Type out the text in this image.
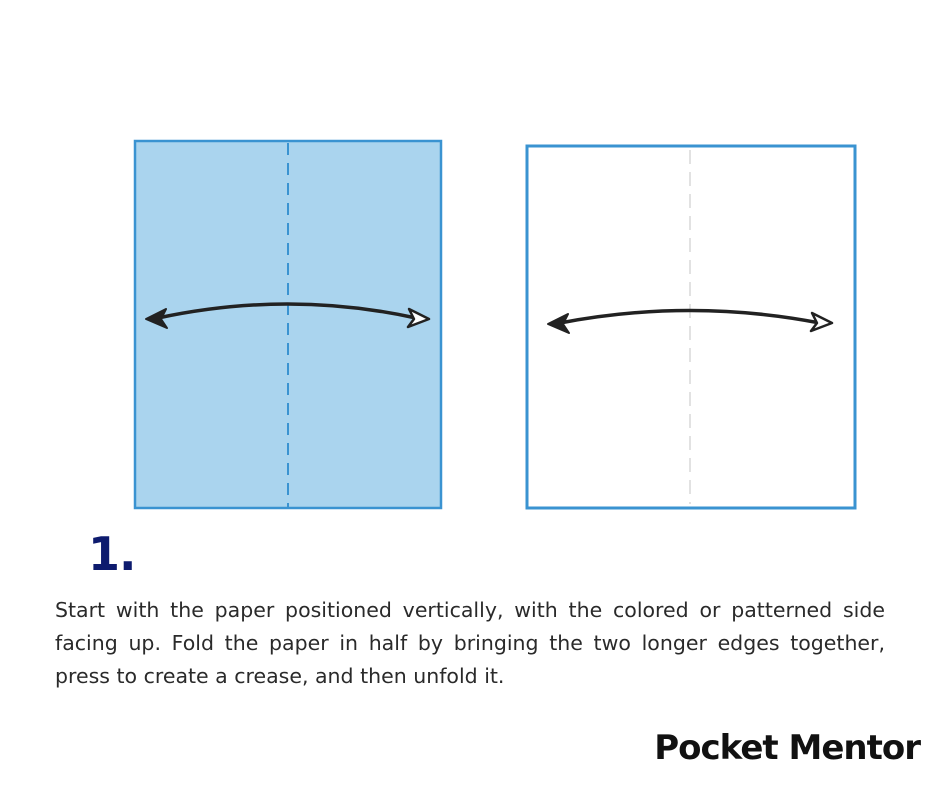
1.

Start with the paper positioned vertically, with the colored or patterned side facing up. Fold the paper in half by bringing the two longer edges together, press to create a crease, and then unfold it.

Pocket Mentor
